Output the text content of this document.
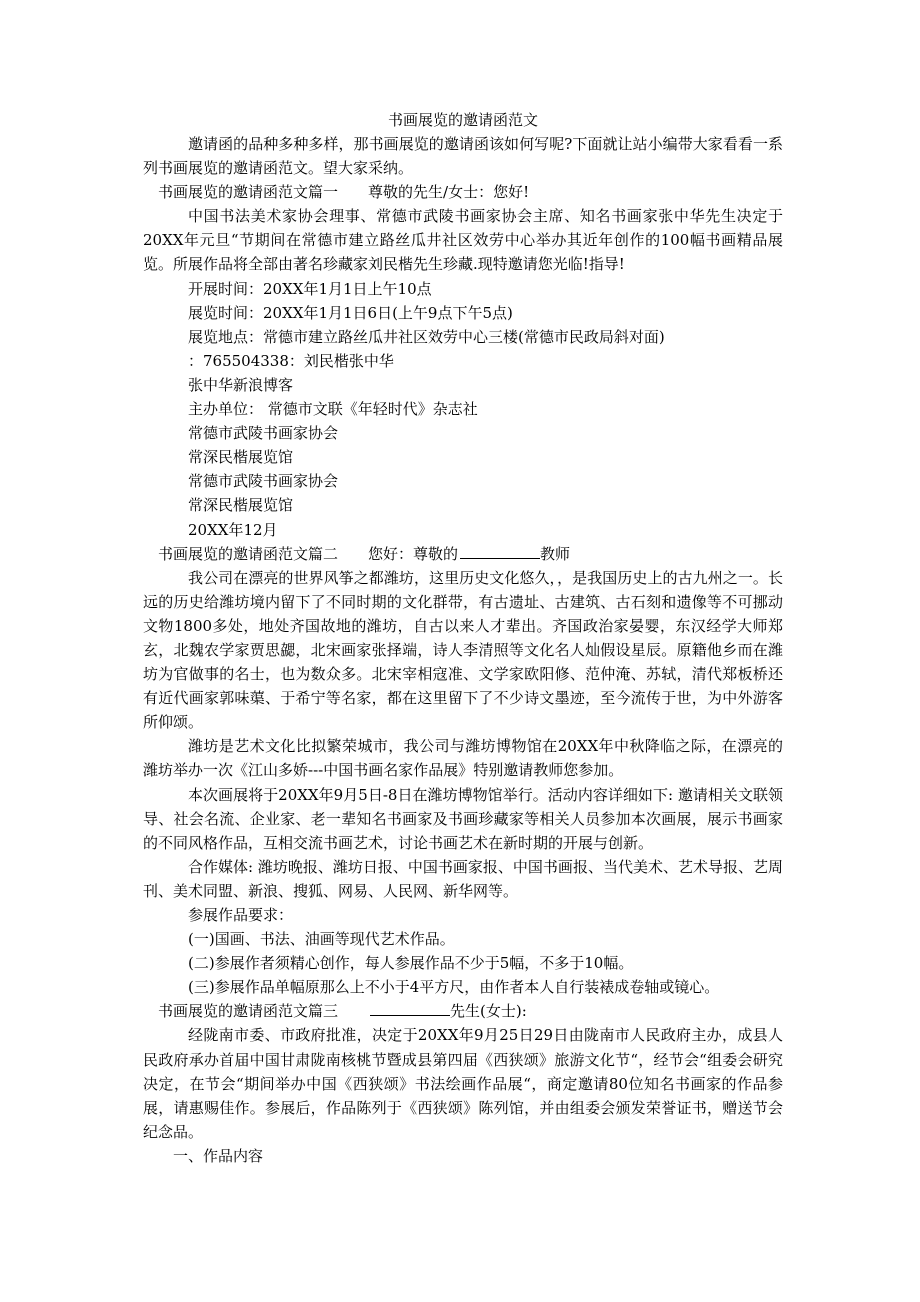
书画展览的邀请函范文

邀请函的品种多种多样，那书画展览的邀请函该如何写呢?下面就让站小编带大家看看一系列书画展览的邀请函范文。望大家采纳。

书画展览的邀请函范文篇一 尊敬的先生/女士：您好!

中国书法美术家协会理事、常德市武陵书画家协会主席、知名书画家张中华先生决定于20XX年元旦“节期间在常德市建立路丝瓜井社区效劳中心举办其近年创作的100幅书画精品展览。所展作品将全部由著名珍藏家刘民楷先生珍藏.现特邀请您光临!指导!

开展时间：20XX年1月1日上午10点

展览时间：20XX年1月1日6日(上午9点下午5点)

展览地点：常德市建立路丝瓜井社区效劳中心三楼(常德市民政局斜对面)

：765504338：刘民楷张中华

张中华新浪博客

主办单位： 常德市文联《年轻时代》杂志社

常德市武陵书画家协会

常深民楷展览馆

常德市武陵书画家协会

常深民楷展览馆

20XX年12月

书画展览的邀请函范文篇二 您好：尊敬的	教师

我公司在漂亮的世界风筝之都潍坊，这里历史文化悠久，，是我国历史上的古九州之一。长远的历史给潍坊境内留下了不同时期的文化群带，有古遗址、古建筑、古石刻和遗像等不可挪动文物1800多处，地处齐国故地的潍坊，自古以来人才辈出。齐国政治家晏婴，东汉经学大师郑玄，北魏农学家贾思勰，北宋画家张择端，诗人李清照等文化名人灿假设星辰。原籍他乡而在潍坊为官做事的名士，也为数众多。北宋宰相寇准、文学家欧阳修、范仲淹、苏轼，清代郑板桥还有近代画家郭味蕖、于希宁等名家，都在这里留下了不少诗文墨迹，至今流传于世，为中外游客所仰颂。

潍坊是艺术文化比拟繁荣城市，我公司与潍坊博物馆在20XX年中秋降临之际，在漂亮的潍坊举办一次《江山多娇---中国书画名家作品展》特别邀请教师您参加。

本次画展将于20XX年9月5日-8日在潍坊博物馆举行。活动内容详细如下: 邀请相关文联领导、社会名流、企业家、老一辈知名书画家及书画珍藏家等相关人员参加本次画展，展示书画家的不同风格作品，互相交流书画艺术，讨论书画艺术在新时期的开展与创新。

合作媒体: 潍坊晚报、潍坊日报、中国书画家报、中国书画报、当代美术、艺术导报、艺周刊、美术同盟、新浪、搜狐、网易、人民网、新华网等。

参展作品要求：

(一)国画、书法、油画等现代艺术作品。

(二)参展作者须精心创作，每人参展作品不少于5幅，不多于10幅。

(三)参展作品单幅原那么上不小于4平方尺，由作者本人自行装裱成卷轴或镜心。

书画展览的邀请函范文篇三	先生(女士):

经陇南市委、市政府批准，决定于20XX年9月25日29日由陇南市人民政府主办，成县人民政府承办首届中国甘肃陇南核桃节暨成县第四届《西狭颂》旅游文化节“，经节会“组委会研究决定，在节会“期间举办中国《西狭颂》书法绘画作品展“，商定邀请80位知名书画家的作品参展，请惠赐佳作。参展后，作品陈列于《西狭颂》陈列馆，并由组委会颁发荣誉证书，赠送节会纪念品。

一、作品内容
